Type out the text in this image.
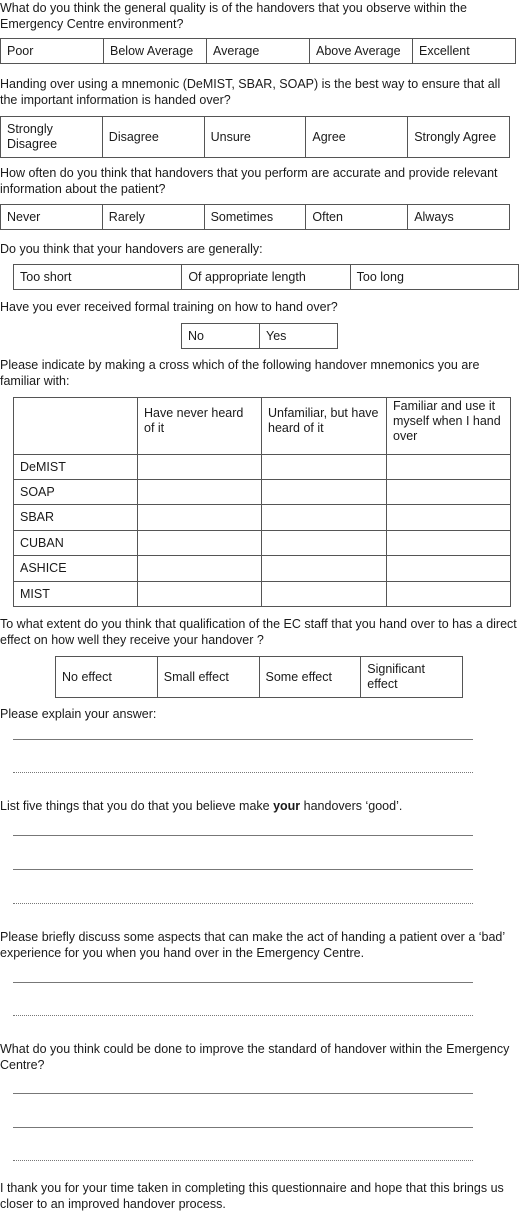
What do you think the general quality is of the handovers that you observe within the Emergency Centre environment?

Poor	Below Average	Average	Above Average	Excellent

Handing over using a mnemonic (DeMIST, SBAR, SOAP) is the best way to ensure that all the important information is handed over?

Strongly Disagree	Disagree	Unsure	Agree	Strongly Agree

How often do you think that handovers that you perform are accurate and provide relevant information about the patient?

Never	Rarely	Sometimes	Often	Always

Do you think that your handovers are generally:

Too short	Of appropriate length	Too long

Have you ever received formal training on how to hand over?

No	Yes

Please indicate by making a cross which of the following handover mnemonics you are familiar with:

	Have never heard of it	Unfamiliar, but have heard of it	Familiar and use it myself when I hand over
DeMIST			
SOAP			
SBAR			
CUBAN			
ASHICE			
MIST			

To what extent do you think that qualification of the EC staff that you hand over to has a direct effect on how well they receive your handover ?

No effect	Small effect	Some effect	Significant effect

Please explain your answer:

List five things that you do that you believe make your handovers ‘good’.

Please briefly discuss some aspects that can make the act of handing a patient over a ‘bad’ experience for you when you hand over in the Emergency Centre.

What do you think could be done to improve the standard of handover within the Emergency Centre?

I thank you for your time taken in completing this questionnaire and hope that this brings us closer to an improved handover process.
